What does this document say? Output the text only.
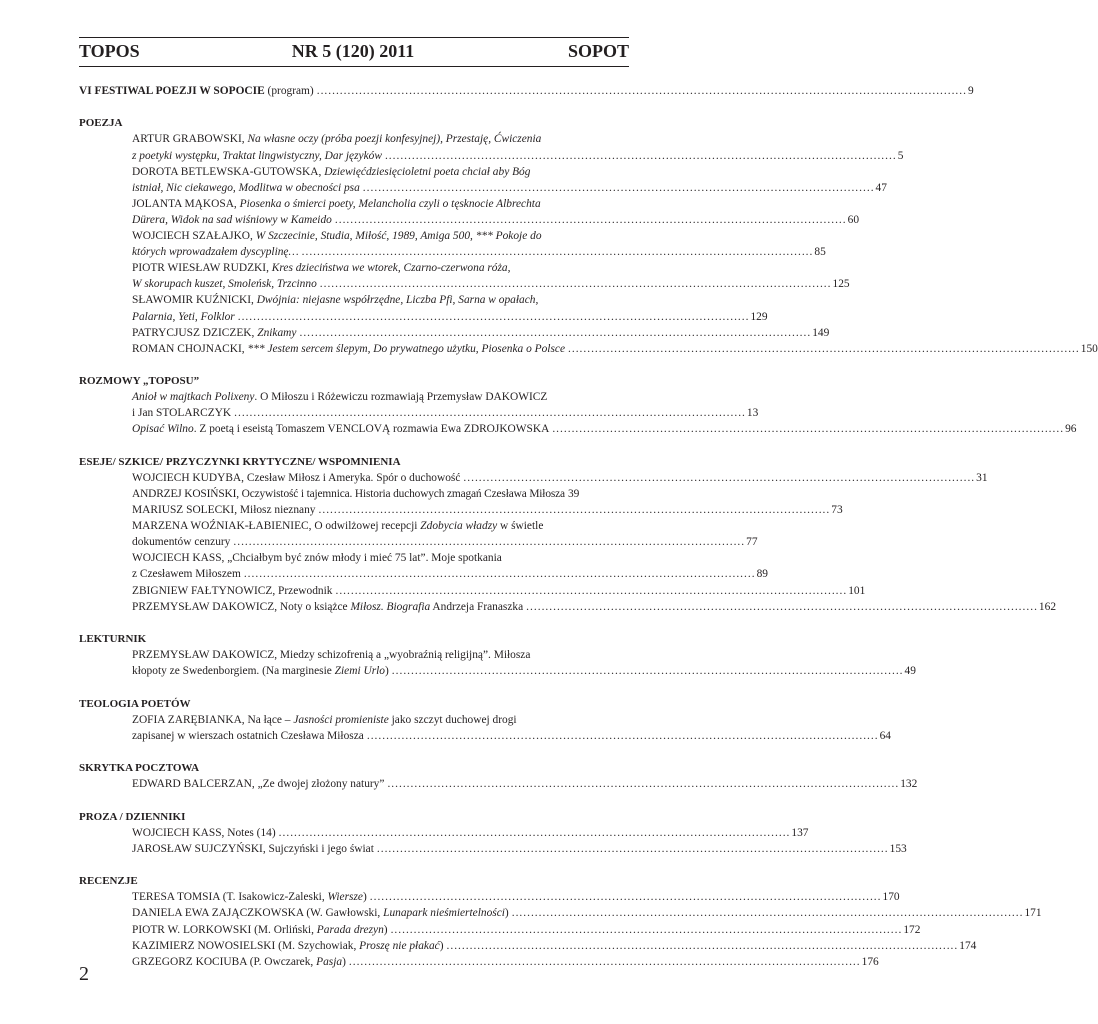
TOPOS	NR 5 (120) 2011	SOPOT
VI FESTIWAL POEZJI W SOPOCIE (program) ......................................................................................................................................................................... 9
POEZJA
ARTUR GRABOWSKI, Na własne oczy (próba poezji konfesyjnej), Przestaję, Ćwiczenia
z poetyki występku, Traktat lingwistyczny, Dar języków ..................................................................................................................................... 5
DOROTA BETLEWSKA-GUTOWSKA, Dziewięćdziesięcioletni poeta chciał aby Bóg
istniał, Nic ciekawego, Modlitwa w obecności psa ..................................................................................................................................... 47
JOLANTA MĄKOSA, Piosenka o śmierci poety, Melancholia czyli o tęsknocie Albrechta
Dürera, Widok na sad wiśniowy w Kameido ..................................................................................................................................... 60
WOJCIECH SZAŁAJKO, W Szczecinie, Studia, Miłość, 1989, Amiga 500, *** Pokoje do
których wprowadzałem dyscyplinę… ..................................................................................................................................... 85
PIOTR WIESŁAW RUDZKI, Kres dzieciństwa we wtorek, Czarno-czerwona róża,
W skorupach kuszet, Smoleńsk, Trzcinno ..................................................................................................................................... 125
SŁAWOMIR KUŹNICKI, Dwójnia: niejasne współrzędne, Liczba Pfi, Sarna w opałach,
Palarnia, Yeti, Folklor ..................................................................................................................................... 129
PATRYCJUSZ DZICZEK, Znikamy ..................................................................................................................................... 149
ROMAN CHOJNACKI, *** Jestem sercem ślepym, Do prywatnego użytku, Piosenka o Polsce ..................................................................................................................................... 150
ROZMOWY „TOPOSU”
Anioł w majtkach Polixeny. O Miłoszu i Różewiczu rozmawiają Przemysław DAKOWICZ
i Jan STOLARCZYK ..................................................................................................................................... 13
Opisać Wilno. Z poetą i eseistą Tomaszem VENCLOVĄ rozmawia Ewa ZDROJKOWSKA ..................................................................................................................................... 96
ESEJE/ SZKICE/ PRZYCZYNKI KRYTYCZNE/ WSPOMNIENIA
WOJCIECH KUDYBA, Czesław Miłosz i Ameryka. Spór o duchowość ..................................................................................................................................... 31
ANDRZEJ KOSIŃSKI, Oczywistość i tajemnica. Historia duchowych zmagań Czesława Miłosza 39
MARIUSZ SOLECKI, Miłosz nieznany ..................................................................................................................................... 73
MARZENA WOŹNIAK-ŁABIENIEC, O odwilżowej recepcji Zdobycia władzy w świetle
dokumentów cenzury ..................................................................................................................................... 77
WOJCIECH KASS, „Chciałbym być znów młody i mieć 75 lat”. Moje spotkania
z Czesławem Miłoszem ..................................................................................................................................... 89
ZBIGNIEW FAŁTYNOWICZ, Przewodnik ..................................................................................................................................... 101
PRZEMYSŁAW DAKOWICZ, Noty o książce Miłosz. Biografia Andrzeja Franaszka ..................................................................................................................................... 162
LEKTURNIK
PRZEMYSŁAW DAKOWICZ, Miedzy schizofrenią a „wyobraźnią religijną”. Miłosza
kłopoty ze Swedenborgiem. (Na marginesie Ziemi Urlo) ..................................................................................................................................... 49
TEOLOGIA POETÓW
ZOFIA ZARĘBIANKA, Na łące – Jasności promieniste jako szczyt duchowej drogi
zapisanej w wierszach ostatnich Czesława Miłosza ..................................................................................................................................... 64
SKRYTKA POCZTOWA
EDWARD BALCERZAN, „Ze dwojej złożony natury” ..................................................................................................................................... 132
PROZA / DZIENNIKI
WOJCIECH KASS, Notes (14) ..................................................................................................................................... 137
JAROSŁAW SUJCZYŃSKI, Sujczyński i jego świat ..................................................................................................................................... 153
RECENZJE
TERESA TOMSIA (T. Isakowicz-Zaleski, Wiersze) ..................................................................................................................................... 170
DANIELA EWA ZAJĄCZKOWSKA (W. Gawłowski, Lunapark nieśmiertelności) ..................................................................................................................................... 171
PIOTR W. LORKOWSKI (M. Orliński, Parada drezyn) ..................................................................................................................................... 172
KAZIMIERZ NOWOSIELSKI (M. Szychowiak, Proszę nie płakać) ..................................................................................................................................... 174
GRZEGORZ KOCIUBA (P. Owczarek, Pasja) ..................................................................................................................................... 176
2
